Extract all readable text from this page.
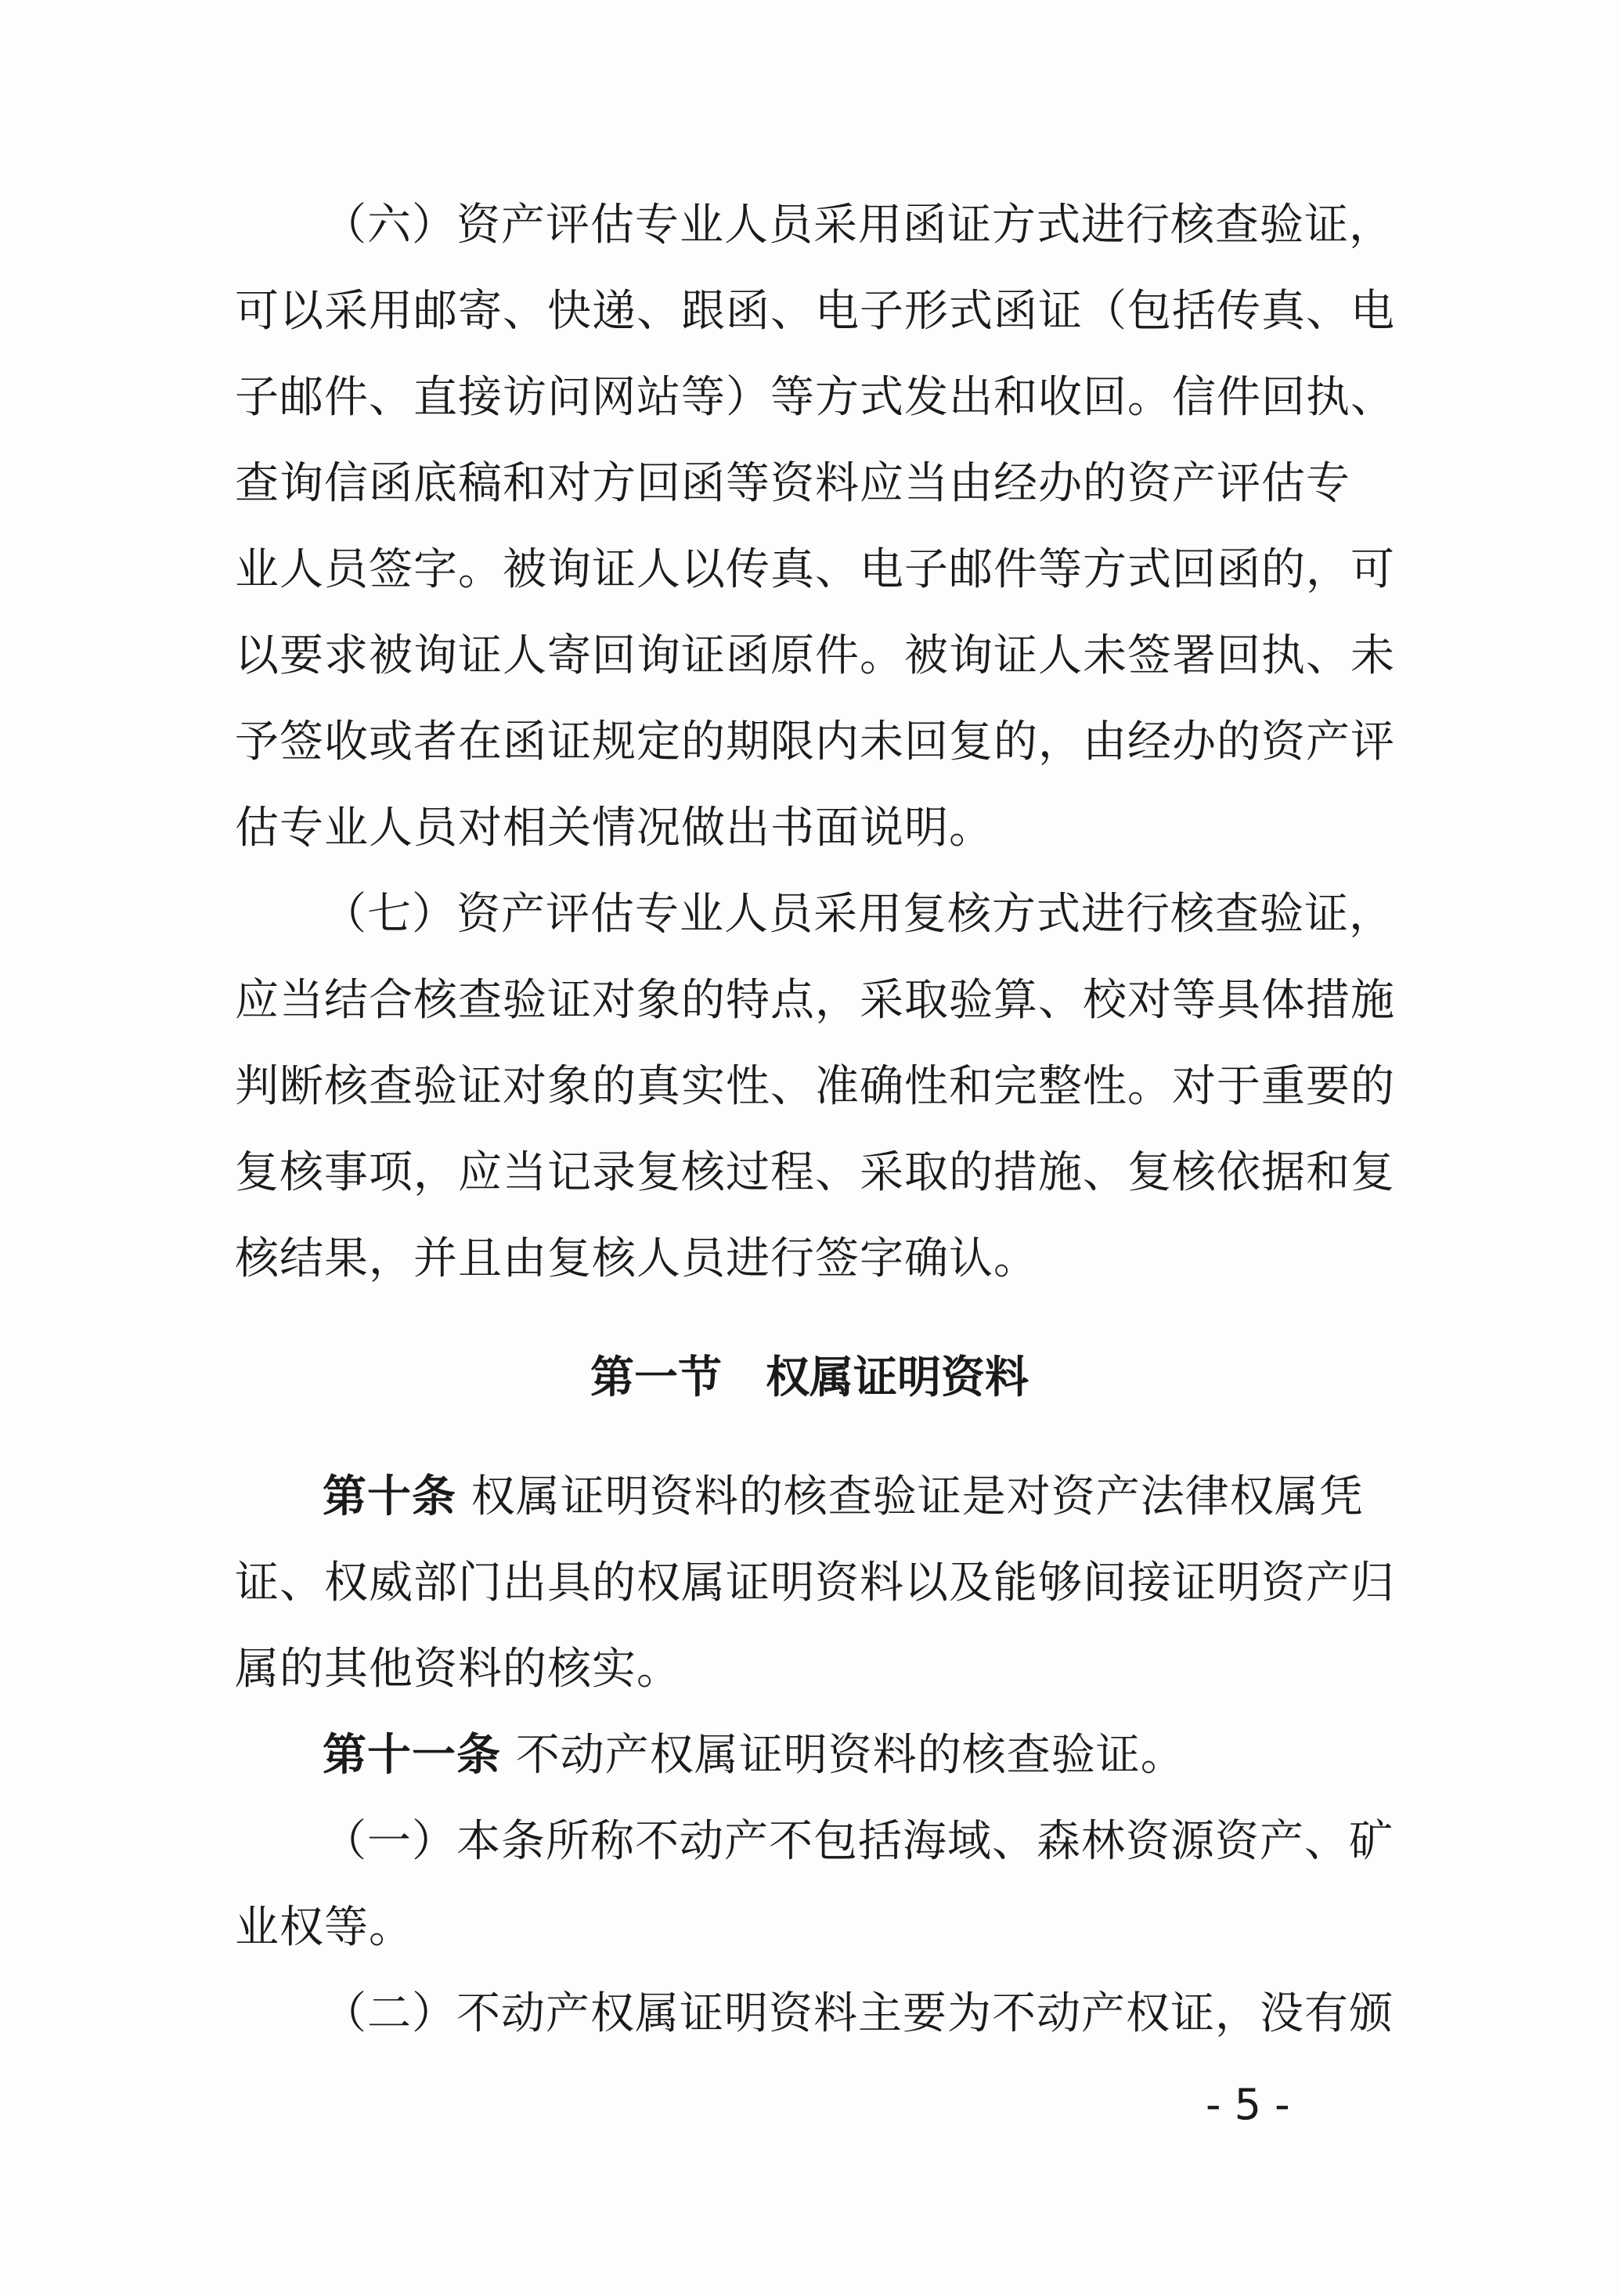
（六）资产评估专业人员采用函证方式进行核查验证，
可以采用邮寄、快递、跟函、电子形式函证（包括传真、电
子邮件、直接访问网站等）等方式发出和收回。信件回执、
查询信函底稿和对方回函等资料应当由经办的资产评估专
业人员签字。被询证人以传真、电子邮件等方式回函的，可
以要求被询证人寄回询证函原件。被询证人未签署回执、未
予签收或者在函证规定的期限内未回复的，由经办的资产评
估专业人员对相关情况做出书面说明。
（七）资产评估专业人员采用复核方式进行核查验证，
应当结合核查验证对象的特点，采取验算、校对等具体措施
判断核查验证对象的真实性、准确性和完整性。对于重要的
复核事项，应当记录复核过程、采取的措施、复核依据和复
核结果，并且由复核人员进行签字确认。
第一节　权属证明资料
第十条 权属证明资料的核查验证是对资产法律权属凭
证、权威部门出具的权属证明资料以及能够间接证明资产归
属的其他资料的核实。
第十一条 不动产权属证明资料的核查验证。
（一）本条所称不动产不包括海域、森林资源资产、矿
业权等。
（二）不动产权属证明资料主要为不动产权证，没有颁
- 5 -
